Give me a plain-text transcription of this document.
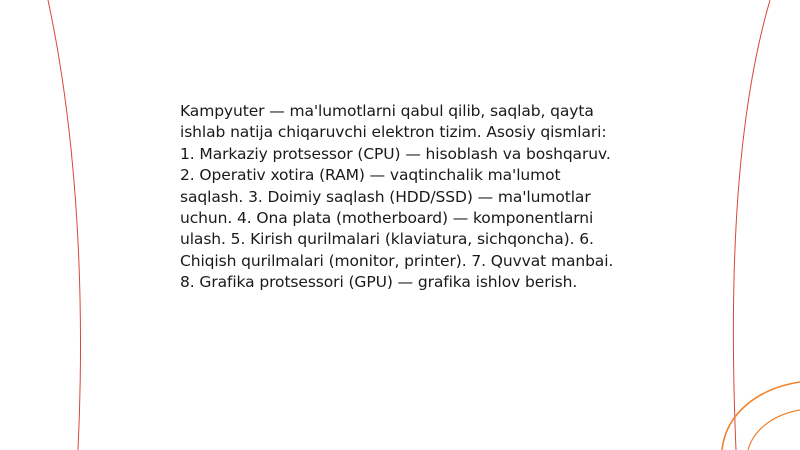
Kampyuter — ma'lumotlarni qabul qilib, saqlab, qayta ishlab natija chiqaruvchi elektron tizim. Asosiy qismlari: 1. Markaziy protsessor (CPU) — hisoblash va boshqaruv. 2. Operativ xotira (RAM) — vaqtinchalik ma'lumot saqlash. 3. Doimiy saqlash (HDD/SSD) — ma'lumotlar uchun. 4. Ona plata (motherboard) — komponentlarni ulash. 5. Kirish qurilmalari (klaviatura, sichqoncha). 6. Chiqish qurilmalari (monitor, printer). 7. Quvvat manbai. 8. Grafika protsessori (GPU) — grafika ishlov berish.
